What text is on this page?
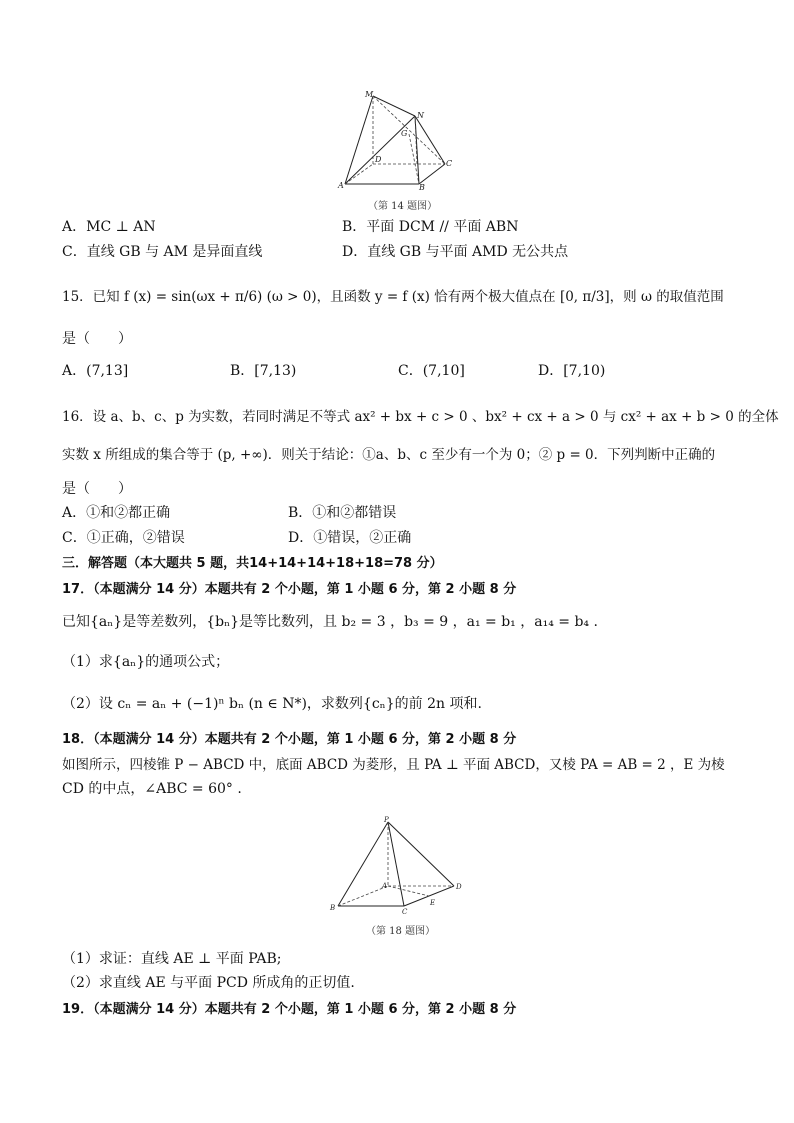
M
N
G
D
A	B
C
（第 14 题图）
A．MC ⊥ AN	B．平面 DCM // 平面 ABN
C．直线 GB 与 AM 是异面直线	D．直线 GB 与平面 AMD 无公共点
15．已知 f (x) = sin(ωx + π/6) (ω > 0)，且函数 y = f (x) 恰有两个极大值点在 [0, π/3]，则 ω 的取值范围
是（　　）
A．(7,13]	B．[7,13)	C．(7,10]	D．[7,10)
16．设 a、b、c、p 为实数，若同时满足不等式 ax² + bx + c > 0 、bx² + cx + a > 0 与 cx² + ax + b > 0 的全体
实数 x 所组成的集合等于 (p, +∞)．则关于结论：①a、b、c 至少有一个为 0；② p = 0．下列判断中正确的
是（　　）
A．①和②都正确	B．①和②都错误
C．①正确，②错误	D．①错误，②正确
三．解答题（本大题共 5 题，共14+14+14+18+18=78 分）
17．（本题满分 14 分）本题共有 2 个小题，第 1 小题 6 分，第 2 小题 8 分
已知{aₙ}是等差数列，{bₙ}是等比数列，且 b₂ = 3 ，b₃ = 9 ，a₁ = b₁ ，a₁₄ = b₄ .
（1）求{aₙ}的通项公式；
（2）设 cₙ = aₙ + (−1)ⁿ bₙ (n ∈ N*)，求数列{cₙ}的前 2n 项和.
18．（本题满分 14 分）本题共有 2 个小题，第 1 小题 6 分，第 2 小题 8 分
如图所示，四棱锥 P − ABCD 中，底面 ABCD 为菱形，且 PA ⊥ 平面 ABCD，又棱 PA = AB = 2 ，E 为棱
CD 的中点，∠ABC = 60° .
P
A
B	C
D
E
（第 18 题图）
（1）求证：直线 AE ⊥ 平面 PAB;
（2）求直线 AE 与平面 PCD 所成角的正切值.
19．（本题满分 14 分）本题共有 2 个小题，第 1 小题 6 分，第 2 小题 8 分
